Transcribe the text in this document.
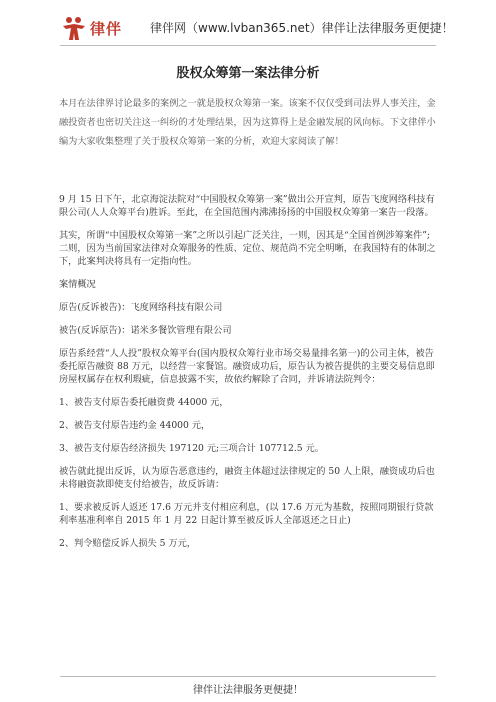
律伴 律伴网（www.lvban365.net）律伴让法律服务更便捷！
股权众筹第一案法律分析

本月在法律界讨论最多的案例之一就是股权众筹第一案。该案不仅仅受到司法界人事关注，金融投资者也密切关注这一纠纷的才处理结果，因为这算得上是金融发展的风向标。下文律伴小编为大家收集整理了关于股权众筹第一案的分析，欢迎大家阅读了解！

9 月 15 日下午，北京海淀法院对“中国股权众筹第一案”做出公开宣判，原告飞度网络科技有限公司(人人众筹平台)胜诉。至此，在全国范围内沸沸扬扬的中国股权众筹第一案告一段落。

其实，所谓“中国股权众筹第一案”之所以引起广泛关注，一则，因其是“全国首例涉筹案件”;二则，因为当前国家法律对众筹服务的性质、定位、规范尚不完全明晰，在我国特有的体制之下，此案判决将具有一定指向性。

案情概况

原告(反诉被告)：飞度网络科技有限公司

被告(反诉原告)：诺米多餐饮管理有限公司

原告系经营“人人投”股权众筹平台(国内股权众筹行业市场交易量排名第一)的公司主体，被告委托原告融资 88 万元，以经营一家餐馆。融资成功后，原告认为被告提供的主要交易信息即房屋权属存在权利瑕疵，信息披露不实，故依约解除了合同，并诉请法院判令：

1、被告支付原告委托融资费 44000 元，

2、被告支付原告违约金 44000 元，

3、被告支付原告经济损失 197120 元;三项合计 107712.5 元。

被告就此提出反诉，认为原告恶意违约，融资主体超过法律规定的 50 人上限，融资成功后也未将融资款即使支付给被告，故反诉请：

1、要求被反诉人返还 17.6 万元并支付相应利息，(以 17.6 万元为基数，按照同期银行贷款利率基准利率自 2015 年 1 月 22 日起计算至被反诉人全部返还之日止)

2、判令赔偿反诉人损失 5 万元，

律伴让法律服务更便捷！
